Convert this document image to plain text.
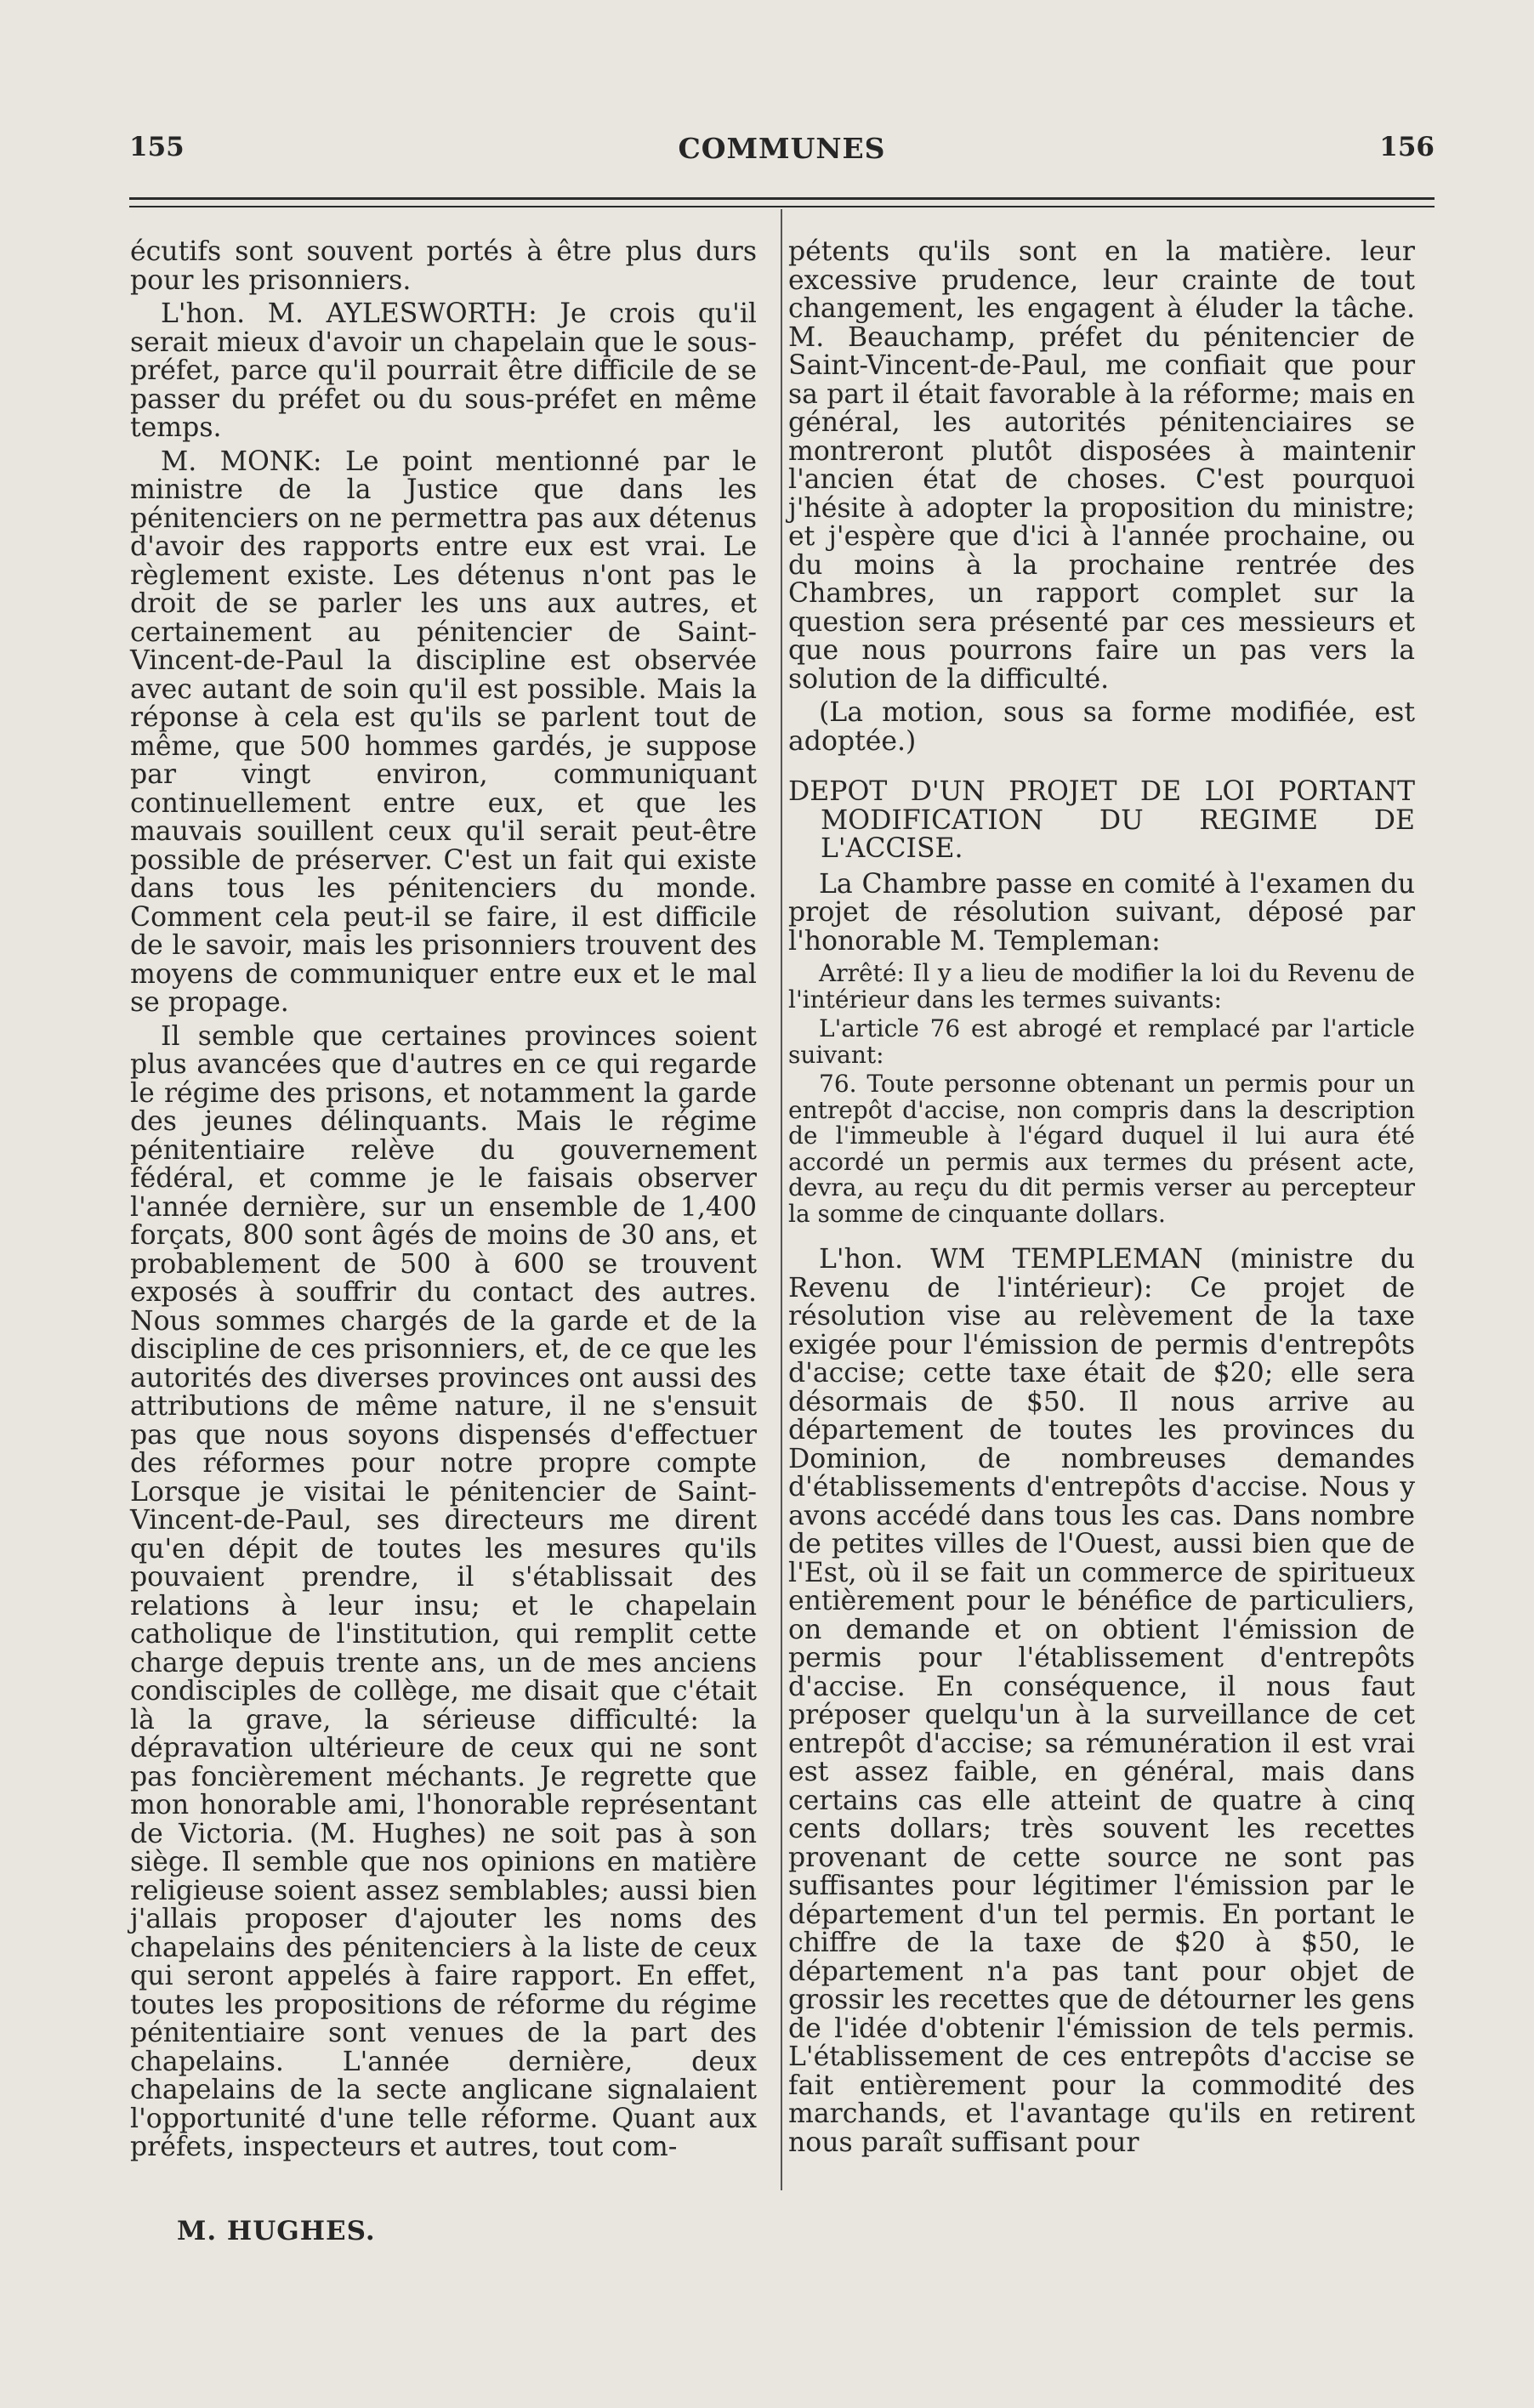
155	COMMUNES	156

écutifs sont souvent portés à être plus durs pour les prisonniers.

L'hon. M. AYLESWORTH: Je crois qu'il serait mieux d'avoir un chapelain que le sous-préfet, parce qu'il pourrait être difficile de se passer du préfet ou du sous-préfet en même temps.

M. MONK: Le point mentionné par le ministre de la Justice que dans les pénitenciers on ne permettra pas aux détenus d'avoir des rapports entre eux est vrai. Le règlement existe. Les détenus n'ont pas le droit de se parler les uns aux autres, et certainement au pénitencier de Saint-Vincent-de-Paul la discipline est observée avec autant de soin qu'il est possible. Mais la réponse à cela est qu'ils se parlent tout de même, que 500 hommes gardés, je suppose par vingt environ, communiquant continuellement entre eux, et que les mauvais souillent ceux qu'il serait peut-être possible de préserver. C'est un fait qui existe dans tous les pénitenciers du monde. Comment cela peut-il se faire, il est difficile de le savoir, mais les prisonniers trouvent des moyens de communiquer entre eux et le mal se propage.

Il semble que certaines provinces soient plus avancées que d'autres en ce qui regarde le régime des prisons, et notamment la garde des jeunes délinquants. Mais le régime pénitentiaire relève du gouvernement fédéral, et comme je le faisais observer l'année dernière, sur un ensemble de 1,400 forçats, 800 sont âgés de moins de 30 ans, et probablement de 500 à 600 se trouvent exposés à souffrir du contact des autres. Nous sommes chargés de la garde et de la discipline de ces prisonniers, et, de ce que les autorités des diverses provinces ont aussi des attributions de même nature, il ne s'ensuit pas que nous soyons dispensés d'effectuer des réformes pour notre propre compte Lorsque je visitai le pénitencier de Saint-Vincent-de-Paul, ses directeurs me dirent qu'en dépit de toutes les mesures qu'ils pouvaient prendre, il s'établissait des relations à leur insu; et le chapelain catholique de l'institution, qui remplit cette charge depuis trente ans, un de mes anciens condisciples de collège, me disait que c'était là la grave, la sérieuse difficulté: la dépravation ultérieure de ceux qui ne sont pas foncièrement méchants. Je regrette que mon honorable ami, l'honorable représentant de Victoria. (M. Hughes) ne soit pas à son siège. Il semble que nos opinions en matière religieuse soient assez semblables; aussi bien j'allais proposer d'ajouter les noms des chapelains des pénitenciers à la liste de ceux qui seront appelés à faire rapport. En effet, toutes les propositions de réforme du régime pénitentiaire sont venues de la part des chapelains. L'année dernière, deux chapelains de la secte anglicane signalaient l'opportunité d'une telle réforme. Quant aux préfets, inspecteurs et autres, tout com-

pétents qu'ils sont en la matière. leur excessive prudence, leur crainte de tout changement, les engagent à éluder la tâche. M. Beauchamp, préfet du pénitencier de Saint-Vincent-de-Paul, me confiait que pour sa part il était favorable à la réforme; mais en général, les autorités pénitenciaires se montreront plutôt disposées à maintenir l'ancien état de choses. C'est pourquoi j'hésite à adopter la proposition du ministre; et j'espère que d'ici à l'année prochaine, ou du moins à la prochaine rentrée des Chambres, un rapport complet sur la question sera présenté par ces messieurs et que nous pourrons faire un pas vers la solution de la difficulté.

(La motion, sous sa forme modifiée, est adoptée.)

DEPOT D'UN PROJET DE LOI PORTANT MODIFICATION DU REGIME DE L'ACCISE.

La Chambre passe en comité à l'examen du projet de résolution suivant, déposé par l'honorable M. Templeman:

Arrêté: Il y a lieu de modifier la loi du Revenu de l'intérieur dans les termes suivants:

L'article 76 est abrogé et remplacé par l'article suivant:

76. Toute personne obtenant un permis pour un entrepôt d'accise, non compris dans la description de l'immeuble à l'égard duquel il lui aura été accordé un permis aux termes du présent acte, devra, au reçu du dit permis verser au percepteur la somme de cinquante dollars.

L'hon. WM TEMPLEMAN (ministre du Revenu de l'intérieur): Ce projet de résolution vise au relèvement de la taxe exigée pour l'émission de permis d'entrepôts d'accise; cette taxe était de $20; elle sera désormais de $50. Il nous arrive au département de toutes les provinces du Dominion, de nombreuses demandes d'établissements d'entrepôts d'accise. Nous y avons accédé dans tous les cas. Dans nombre de petites villes de l'Ouest, aussi bien que de l'Est, où il se fait un commerce de spiritueux entièrement pour le bénéfice de particuliers, on demande et on obtient l'émission de permis pour l'établissement d'entrepôts d'accise. En conséquence, il nous faut préposer quelqu'un à la surveillance de cet entrepôt d'accise; sa rémunération il est vrai est assez faible, en général, mais dans certains cas elle atteint de quatre à cinq cents dollars; très souvent les recettes provenant de cette source ne sont pas suffisantes pour légitimer l'émission par le département d'un tel permis. En portant le chiffre de la taxe de $20 à $50, le département n'a pas tant pour objet de grossir les recettes que de détourner les gens de l'idée d'obtenir l'émission de tels permis. L'établissement de ces entrepôts d'accise se fait entièrement pour la commodité des marchands, et l'avantage qu'ils en retirent nous paraît suffisant pour

M. HUGHES.
